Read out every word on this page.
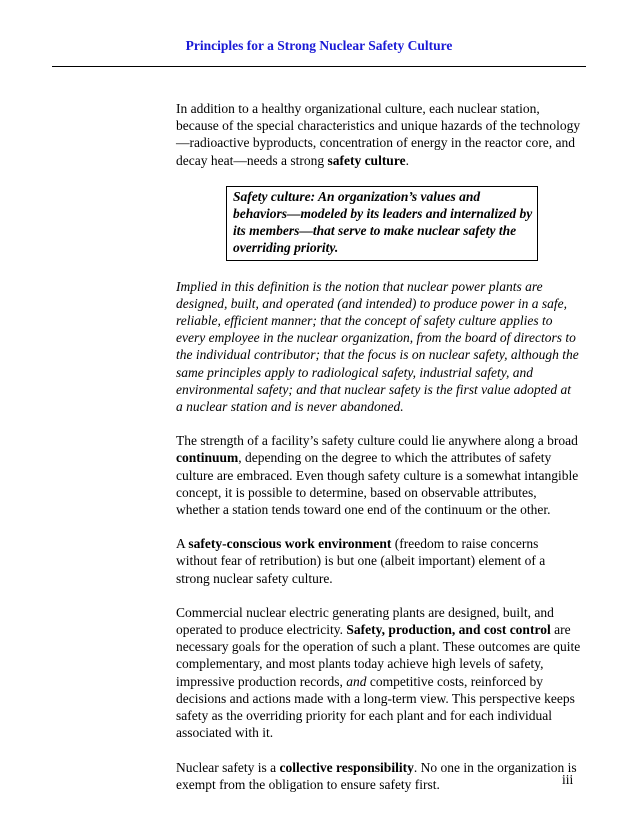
Principles for a Strong Nuclear Safety Culture

In addition to a healthy organizational culture, each nuclear station, because of the special characteristics and unique hazards of the technology—radioactive byproducts, concentration of energy in the reactor core, and decay heat—needs a strong safety culture.

Safety culture: An organization’s values and behaviors—modeled by its leaders and internalized by its members—that serve to make nuclear safety the overriding priority.

Implied in this definition is the notion that nuclear power plants are designed, built, and operated (and intended) to produce power in a safe, reliable, efficient manner; that the concept of safety culture applies to every employee in the nuclear organization, from the board of directors to the individual contributor; that the focus is on nuclear safety, although the same principles apply to radiological safety, industrial safety, and environmental safety; and that nuclear safety is the first value adopted at a nuclear station and is never abandoned.

The strength of a facility’s safety culture could lie anywhere along a broad continuum, depending on the degree to which the attributes of safety culture are embraced. Even though safety culture is a somewhat intangible concept, it is possible to determine, based on observable attributes, whether a station tends toward one end of the continuum or the other.

A safety-conscious work environment (freedom to raise concerns without fear of retribution) is but one (albeit important) element of a strong nuclear safety culture.

Commercial nuclear electric generating plants are designed, built, and operated to produce electricity. Safety, production, and cost control are necessary goals for the operation of such a plant. These outcomes are quite complementary, and most plants today achieve high levels of safety, impressive production records, and competitive costs, reinforced by decisions and actions made with a long-term view. This perspective keeps safety as the overriding priority for each plant and for each individual associated with it.

Nuclear safety is a collective responsibility. No one in the organization is exempt from the obligation to ensure safety first.	iii
